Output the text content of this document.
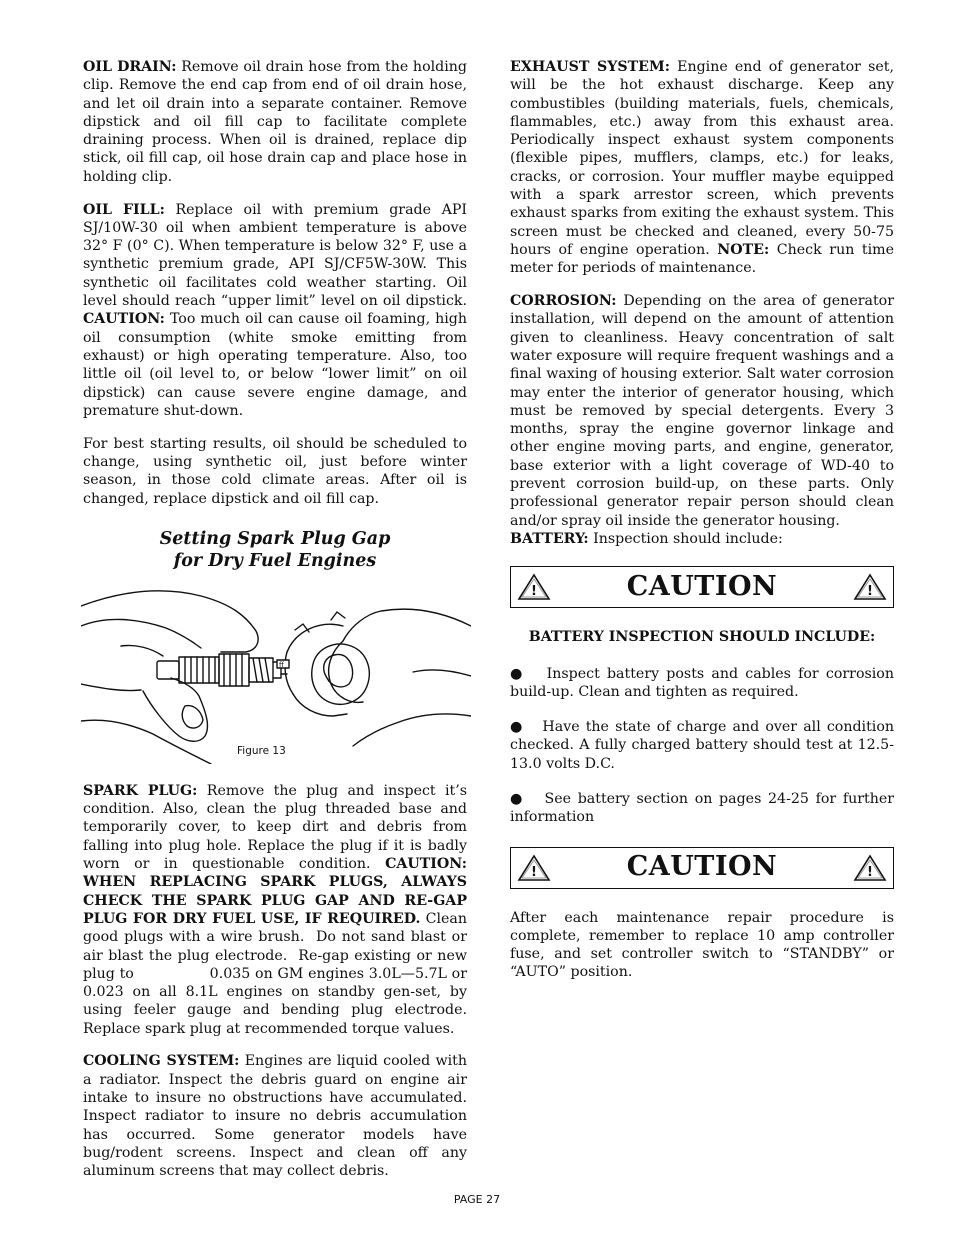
OIL DRAIN: Remove oil drain hose from the holding clip. Remove the end cap from end of oil drain hose, and let oil drain into a separate container. Remove dipstick and oil fill cap to facilitate complete draining process. When oil is drained, replace dip stick, oil fill cap, oil hose drain cap and place hose in holding clip.

OIL FILL: Replace oil with premium grade API SJ/10W-30 oil when ambient temperature is above 32° F (0° C). When temperature is below 32° F, use a synthetic premium grade, API SJ/CF5W-30W. This synthetic oil facilitates cold weather starting. Oil level should reach “upper limit” level on oil dipstick. CAUTION: Too much oil can cause oil foaming, high oil consumption (white smoke emitting from exhaust) or high operating temperature. Also, too little oil (oil level to, or below “lower limit” on oil dipstick) can cause severe engine damage, and premature shut-down.

For best starting results, oil should be scheduled to change, using synthetic oil, just before winter season, in those cold climate areas. After oil is changed, replace dipstick and oil fill cap.

Setting Spark Plug Gap
for Dry Fuel Engines
ff
Figure 13

SPARK PLUG: Remove the plug and inspect it’s condition. Also, clean the plug threaded base and temporarily cover, to keep dirt and debris from falling into plug hole. Replace the plug if it is badly worn or in questionable condition. CAUTION: WHEN REPLACING SPARK PLUGS, ALWAYS CHECK THE SPARK PLUG GAP AND RE-GAP PLUG FOR DRY FUEL USE, IF REQUIRED. Clean good plugs with a wire brush.  Do not sand blast or air blast the plug electrode.  Re-gap existing or new plug to                0.035 on GM engines 3.0L—5.7L or 0.023 on all 8.1L engines on standby gen-set, by using feeler gauge and bending plug electrode. Replace spark plug at recommended torque values.

COOLING SYSTEM: Engines are liquid cooled with a radiator. Inspect the debris guard on engine air intake to insure no obstructions have accumulated. Inspect radiator to insure no debris accumulation has occurred. Some generator models have bug/rodent screens. Inspect and clean off any aluminum screens that may collect debris.

EXHAUST SYSTEM: Engine end of generator set, will be the hot exhaust discharge. Keep any combustibles (building materials, fuels, chemicals, flammables, etc.) away from this exhaust area. Periodically inspect exhaust system components (flexible pipes, mufflers, clamps, etc.) for leaks, cracks, or corrosion. Your muffler maybe equipped with a spark arrestor screen, which prevents exhaust sparks from exiting the exhaust system. This screen must be checked and cleaned, every 50-75 hours of engine operation. NOTE: Check run time meter for periods of maintenance.

CORROSION: Depending on the area of generator installation, will depend on the amount of attention given to cleanliness. Heavy concentration of salt water exposure will require frequent washings and a final waxing of housing exterior. Salt water corrosion may enter the interior of generator housing, which must be removed by special detergents. Every 3 months, spray the engine governor linkage and other engine moving parts, and engine, generator, base exterior with a light coverage of WD-40 to prevent corrosion build-up, on these parts. Only professional generator repair person should clean and/or spray oil inside the generator housing.

BATTERY: Inspection should include:

!	CAUTION	!
BATTERY INSPECTION SHOULD INCLUDE:

● Inspect battery posts and cables for corrosion build-up. Clean and tighten as required.

● Have the state of charge and over all condition checked. A fully charged battery should test at 12.5-13.0 volts D.C.

● See battery section on pages 24-25 for further information

!	CAUTION	!

After each maintenance repair procedure is complete, remember to replace 10 amp controller fuse, and set controller switch to “STANDBY” or “AUTO” position.

PAGE 27
